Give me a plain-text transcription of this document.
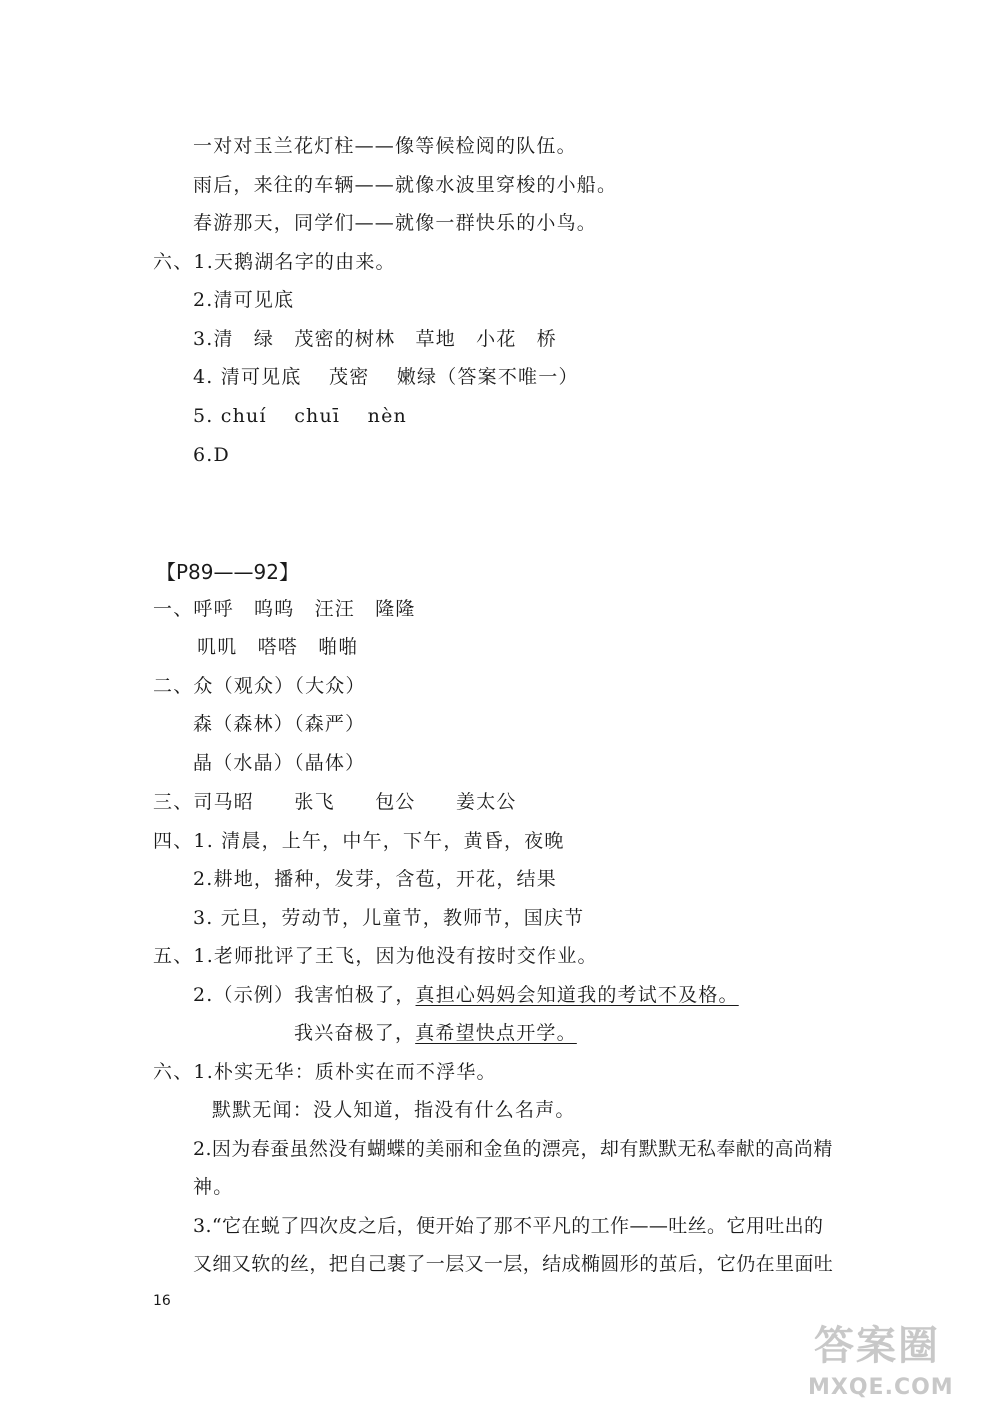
一对对玉兰花灯柱——像等候检阅的队伍。
雨后，来往的车辆——就像水波里穿梭的小船。
春游那天，同学们——就像一群快乐的小鸟。
六、1.天鹅湖名字的由来。
2.清可见底
3.清　绿　茂密的树林　草地　小花　桥
4. 清可见底　 茂密　 嫩绿（答案不唯一）
5. chuí　 chuī　 nèn
6.D
【P89——92】
一、呼呼　呜呜　汪汪　隆隆
叽叽　嗒嗒　啪啪
二、众（观众）（大众）
森（森林）（森严）
晶（水晶）（晶体）
三、司马昭　　张飞　　包公　　姜太公
四、1. 清晨，上午，中午，下午，黄昏，夜晚
2.耕地，播种，发芽，含苞，开花，结果
3. 元旦，劳动节，儿童节，教师节，国庆节
五、1.老师批评了王飞，因为他没有按时交作业。
2.（示例）我害怕极了，真担心妈妈会知道我的考试不及格。
我兴奋极了，真希望快点开学。
六、1.朴实无华：质朴实在而不浮华。
默默无闻：没人知道，指没有什么名声。
2.因为春蚕虽然没有蝴蝶的美丽和金鱼的漂亮，却有默默无私奉献的高尚精
神。
3.“它在蜕了四次皮之后，便开始了那不平凡的工作——吐丝。它用吐出的
又细又软的丝，把自己裹了一层又一层，结成椭圆形的茧后，它仍在里面吐
16
答案圈
MXQE.COM
